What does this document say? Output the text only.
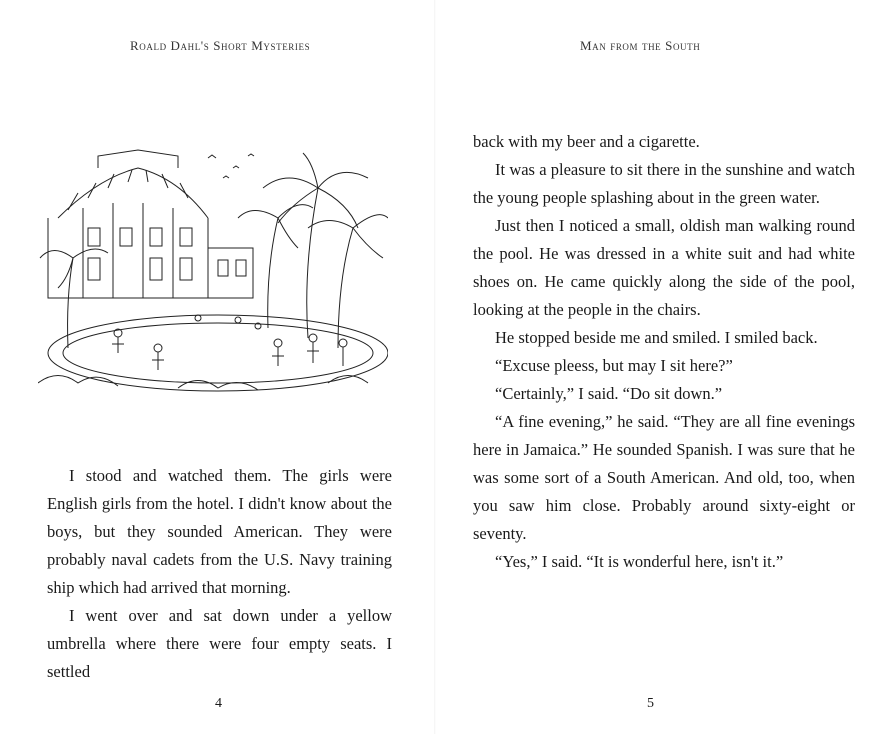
Roald Dahl's Short Mysteries

I stood and watched them. The girls were English girls from the hotel. I didn't know about the boys, but they sounded American. They were probably naval cadets from the U.S. Navy training ship which had arrived that morning.

I went over and sat down under a yellow umbrella where there were four empty seats. I settled

4
Man from the South

back with my beer and a cigarette.

It was a pleasure to sit there in the sunshine and watch the young people splashing about in the green water.

Just then I noticed a small, oldish man walking round the pool. He was dressed in a white suit and had white shoes on. He came quickly along the side of the pool, looking at the people in the chairs.

He stopped beside me and smiled. I smiled back.

“Excuse pleess, but may I sit here?”

“Certainly,” I said. “Do sit down.”

“A fine evening,” he said. “They are all fine evenings here in Jamaica.” He sounded Spanish. I was sure that he was some sort of a South American. And old, too, when you saw him close. Probably around sixty-eight or seventy.

“Yes,” I said. “It is wonderful here, isn't it.”

5
